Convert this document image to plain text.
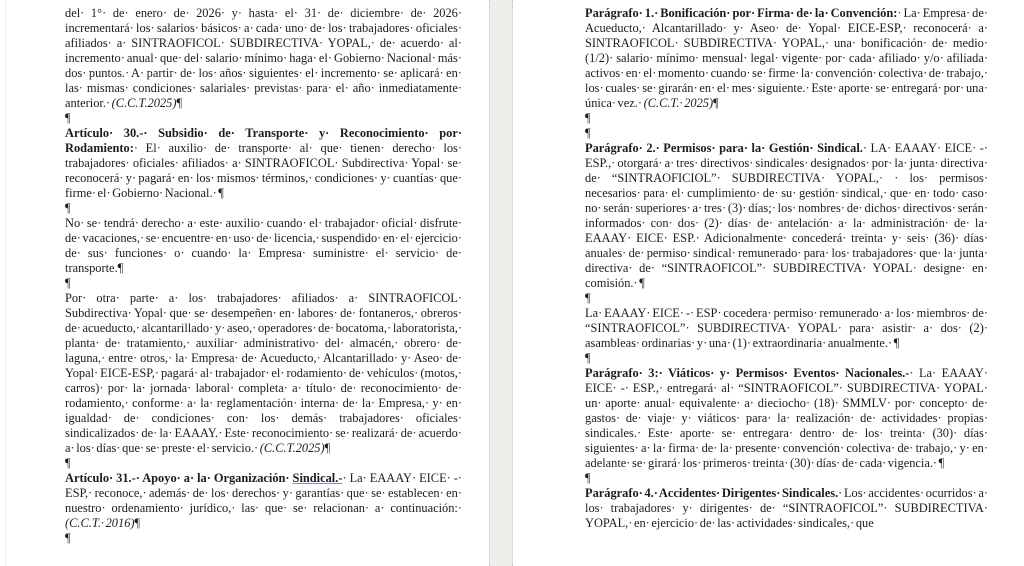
del· 1°· de· enero· de· 2026· y· hasta· el· 31· de· diciembre· de· 2026· incrementará· los· salarios· básicos· a· cada· uno· de· los· trabajadores· oficiales· afiliados· a· SINTRAOFICOL· SUBDIRECTIVA· YOPAL,· de· acuerdo· al· incremento· anual· que· del· salario· mínimo· haga· el· Gobierno· Nacional· más· dos· puntos.· A· partir· de· los· años· siguientes· el· incremento· se· aplicará· en· las· mismas· condiciones· salariales· previstas· para· el· año· inmediatamente· anterior.· (C.C.T.2025)¶
¶
Artículo· 30.-· Subsidio· de· Transporte· y· Reconocimiento· por· Rodamiento:· El· auxilio· de· transporte· al· que· tienen· derecho· los· trabajadores· oficiales· afiliados· a· SINTRAOFICOL· Subdirectiva· Yopal· se· reconocerá· y· pagará· en· los· mismos· términos,· condiciones· y· cuantías· que· firme· el· Gobierno· Nacional.· ¶
¶
No· se· tendrá· derecho· a· este· auxilio· cuando· el· trabajador· oficial· disfrute· de· vacaciones,· se· encuentre· en· uso· de· licencia,· suspendido· en· el· ejercicio· de· sus· funciones· o· cuando· la· Empresa· suministre· el· servicio· de· transporte.¶
¶
Por· otra· parte· a· los· trabajadores· afiliados· a· SINTRAOFICOL· Subdirectiva· Yopal· que· se· desempeñen· en· labores· de· fontaneros,· obreros· de· acueducto,· alcantarillado· y· aseo,· operadores· de· bocatoma,· laboratorista,· planta· de· tratamiento,· auxiliar· administrativo· del· almacén,· obrero· de· laguna,· entre· otros,· la· Empresa· de· Acueducto,· Alcantarillado· y· Aseo· de· Yopal· EICE-ESP,· pagará· al· trabajador· el· rodamiento· de· vehículos· (motos,· carros)· por· la· jornada· laboral· completa· a· título· de· reconocimiento· de· rodamiento,· conforme· a· la· reglamentación· interna· de· la· Empresa,· y· en· igualdad· de· condiciones· con· los· demás· trabajadores· oficiales· sindicalizados· de· la· EAAAY.· Este· reconocimiento· se· realizará· de· acuerdo· a· los· días· que· se· preste· el· servicio.· (C.C.T.2025)¶
¶
Artículo· 31.-· Apoyo· a· la· Organización· Sindical.-· La· EAAAY· EICE· -· ESP,· reconoce,· además· de· los· derechos· y· garantías· que· se· establecen· en· nuestro· ordenamiento· jurídico,· las· que· se· relacionan· a· continuación:· (C.C.T.· 2016)¶
¶
Parágrafo· 1.· Bonificación· por· Firma· de· la· Convención:· La· Empresa· de· Acueducto,· Alcantarillado· y· Aseo· de· Yopal· EICE-ESP,· reconocerá· a· SINTRAOFICOL· SUBDIRECTIVA· YOPAL,· una· bonificación· de· medio· (1/2)· salario· mínimo· mensual· legal· vigente· por· cada· afiliado· y/o· afiliada· activos· en· el· momento· cuando· se· firme· la· convención· colectiva· de· trabajo,· los· cuales· se· girarán· en· el· mes· siguiente.· Este· aporte· se· entregará· por· una· única· vez.· (C.C.T.· 2025)¶
¶
¶
Parágrafo· 2.· Permisos· para· la· Gestión· Sindical.· LA· EAAAY· EICE· -· ESP.,· otorgará· a· tres· directivos· sindicales· designados· por· la· junta· directiva· de· “SINTRAOFICIOL”· SUBDIRECTIVA· YOPAL,· · los· permisos· necesarios· para· el· cumplimiento· de· su· gestión· sindical,· que· en· todo· caso· no· serán· superiores· a· tres· (3)· días;· los· nombres· de· dichos· directivos· serán· informados· con· dos· (2)· días· de· antelación· a· la· administración· de· la· EAAAY· EICE· ESP.· Adicionalmente· concederá· treinta· y· seis· (36)· días· anuales· de· permiso· sindical· remunerado· para· los· trabajadores· que· la· junta· directiva· de· “SINTRAOFICOL”· SUBDIRECTIVA· YOPAL· designe· en· comisión.· ¶
¶
La· EAAAY· EICE· -· ESP· cocedera· permiso· remunerado· a· los· miembros· de· “SINTRAOFICOL”· SUBDIRECTIVA· YOPAL· para· asistir· a· dos· (2)· asambleas· ordinarias· y· una· (1)· extraordinaria· anualmente.· ¶
¶
Parágrafo· 3:· Viáticos· y· Permisos· Eventos· Nacionales.-· La· EAAAY· EICE· -· ESP.,· entregará· al· “SINTRAOFICOL”· SUBDIRECTIVA· YOPAL· un· aporte· anual· equivalente· a· dieciocho· (18)· SMMLV· por· concepto· de· gastos· de· viaje· y· viáticos· para· la· realización· de· actividades· propias· sindicales.· Este· aporte· se· entregara· dentro· de· los· treinta· (30)· días· siguientes· a· la· firma· de· la· presente· convención· colectiva· de· trabajo,· y· en· adelante· se· girará· los· primeros· treinta· (30)· días· de· cada· vigencia.· ¶
¶
Parágrafo· 4.· Accidentes· Dirigentes· Sindicales.· Los· accidentes· ocurridos· a· los· trabajadores· y· dirigentes· de· “SINTRAOFICOL”· SUBDIRECTIVA· YOPAL,· en· ejercicio· de· las· actividades· sindicales,· que
